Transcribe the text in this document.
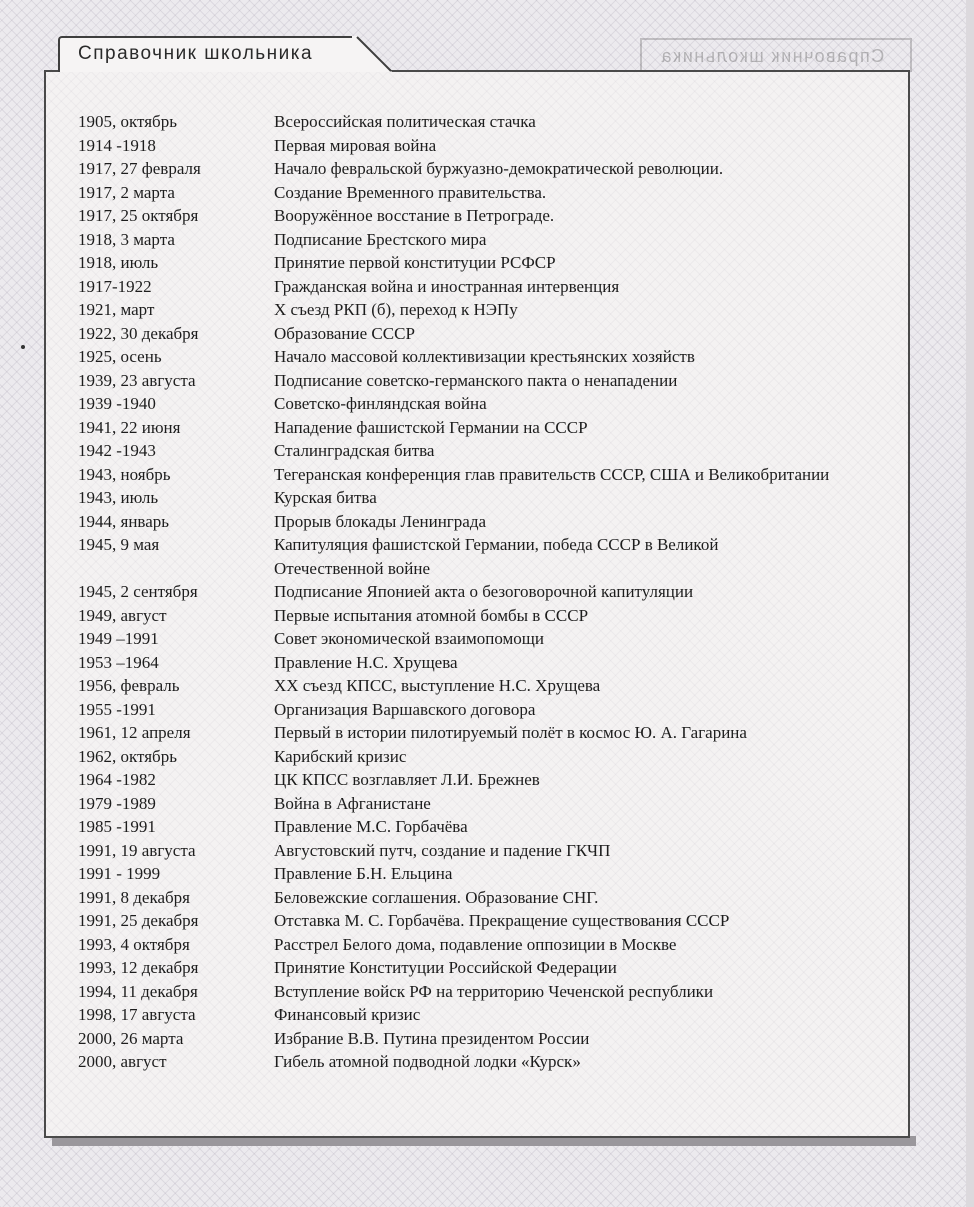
Справочник школьника
Справочник школьника
1905, октябрь	Всероссийская политическая стачка
1914 -1918	Первая мировая война
1917, 27 февраля	Начало февральской буржуазно-демократической революции.
1917, 2 марта	Создание Временного правительства.
1917, 25 октября	Вооружённое восстание в Петрограде.
1918, 3 марта	Подписание Брестского мира
1918, июль	Принятие первой конституции РСФСР
1917-1922	Гражданская война и иностранная интервенция
1921, март	Х съезд РКП (б), переход к НЭПу
1922, 30 декабря	Образование СССР
1925, осень	Начало массовой коллективизации крестьянских хозяйств
1939, 23 августа	Подписание советско-германского пакта о ненападении
1939 -1940	Советско-финляндская война
1941, 22 июня	Нападение фашистской Германии на СССР
1942 -1943	Сталинградская битва
1943, ноябрь	Тегеранская конференция глав правительств СССР, США и Великобритании
1943, июль	Курская битва
1944, январь	Прорыв блокады Ленинграда
1945, 9 мая	Капитуляция фашистской Германии, победа СССР в Великой
Отечественной войне
1945, 2 сентября	Подписание Японией акта о безоговорочной капитуляции
1949, август	Первые испытания атомной бомбы в СССР
1949 –1991	Совет экономической взаимопомощи
1953 –1964	Правление Н.С. Хрущева
1956, февраль	ХХ съезд КПСС, выступление Н.С. Хрущева
1955 -1991	Организация Варшавского договора
1961, 12 апреля	Первый в истории пилотируемый полёт в космос Ю. А. Гагарина
1962, октябрь	Карибский кризис
1964 -1982	ЦК КПСС возглавляет Л.И. Брежнев
1979 -1989	Война в Афганистане
1985 -1991	Правление М.С. Горбачёва
1991, 19 августа	Августовский путч, создание и падение ГКЧП
1991 - 1999	Правление Б.Н. Ельцина
1991, 8 декабря	Беловежские соглашения. Образование СНГ.
1991, 25 декабря	Отставка М. С. Горбачёва. Прекращение существования СССР
1993, 4 октября	Расстрел Белого дома, подавление оппозиции в Москве
1993, 12 декабря	Принятие Конституции Российской Федерации
1994, 11 декабря	Вступление войск РФ на территорию Чеченской республики
1998, 17 августа	Финансовый кризис
2000, 26 марта	Избрание В.В. Путина президентом России
2000, август	Гибель атомной подводной лодки «Курск»
